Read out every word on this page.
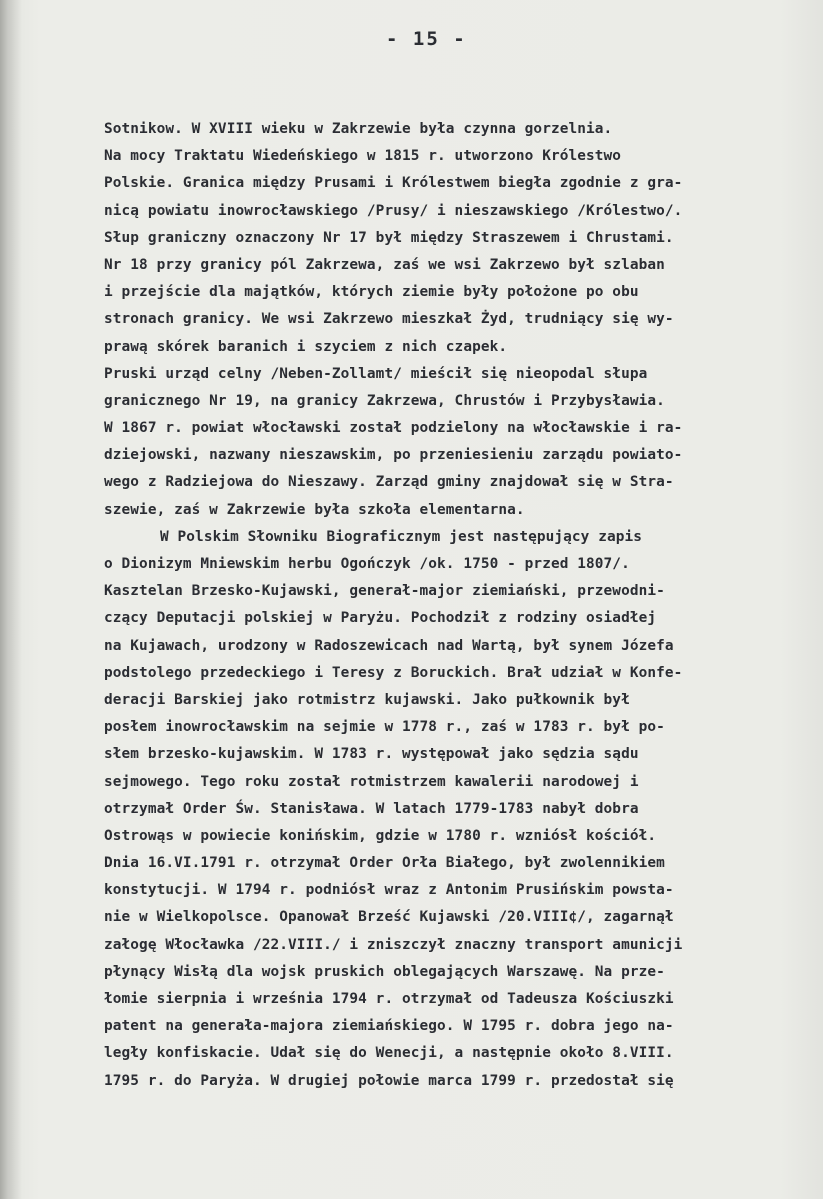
- 15 -
Sotnikow. W XVIII wieku w Zakrzewie była czynna gorzelnia.
Na mocy Traktatu Wiedeńskiego w 1815 r. utworzono Królestwo
Polskie. Granica między Prusami i Królestwem biegła zgodnie z gra-
nicą powiatu inowrocławskiego /Prusy/ i nieszawskiego /Królestwo/.
Słup graniczny oznaczony Nr 17 był między Straszewem i Chrustami.
Nr 18 przy granicy pól Zakrzewa, zaś we wsi Zakrzewo był szlaban
i przejście dla majątków, których ziemie były położone po obu
stronach granicy. We wsi Zakrzewo mieszkał Żyd, trudniący się wy-
prawą skórek baranich i szyciem z nich czapek.
Pruski urząd celny /Neben-Zollamt/ mieścił się nieopodal słupa
granicznego Nr 19, na granicy Zakrzewa, Chrustów i Przybysławia.
W 1867 r. powiat włocławski został podzielony na włocławskie i ra-
dziejowski, nazwany nieszawskim, po przeniesieniu zarządu powiato-
wego z Radziejowa do Nieszawy. Zarząd gminy znajdował się w Stra-
szewie, zaś w Zakrzewie była szkoła elementarna.
W Polskim Słowniku Biograficznym jest następujący zapis
o Dionizym Mniewskim herbu Ogończyk /ok. 1750 - przed 1807/.
Kasztelan Brzesko-Kujawski, generał-major ziemiański, przewodni-
czący Deputacji polskiej w Paryżu. Pochodził z rodziny osiadłej
na Kujawach, urodzony w Radoszewicach nad Wartą, był synem Józefa
podstolego przedeckiego i Teresy z Boruckich. Brał udział w Konfe-
deracji Barskiej jako rotmistrz kujawski. Jako pułkownik był
posłem inowrocławskim na sejmie w 1778 r., zaś w 1783 r. był po-
słem brzesko-kujawskim. W 1783 r. występował jako sędzia sądu
sejmowego. Tego roku został rotmistrzem kawalerii narodowej i
otrzymał Order Św. Stanisława. W latach 1779-1783 nabył dobra
Ostrowąs w powiecie konińskim, gdzie w 1780 r. wzniósł kościół.
Dnia 16.VI.1791 r. otrzymał Order Orła Białego, był zwolennikiem
konstytucji. W 1794 r. podniósł wraz z Antonim Prusińskim powsta-
nie w Wielkopolsce. Opanował Brześć Kujawski /20.VIII¢/, zagarnął
załogę Włocławka /22.VIII./ i zniszczył znaczny transport amunicji
płynący Wisłą dla wojsk pruskich oblegających Warszawę. Na prze-
łomie sierpnia i września 1794 r. otrzymał od Tadeusza Kościuszki
patent na generała-majora ziemiańskiego. W 1795 r. dobra jego na-
legły konfiskacie. Udał się do Wenecji, a następnie około 8.VIII.
1795 r. do Paryża. W drugiej połowie marca 1799 r. przedostał się
